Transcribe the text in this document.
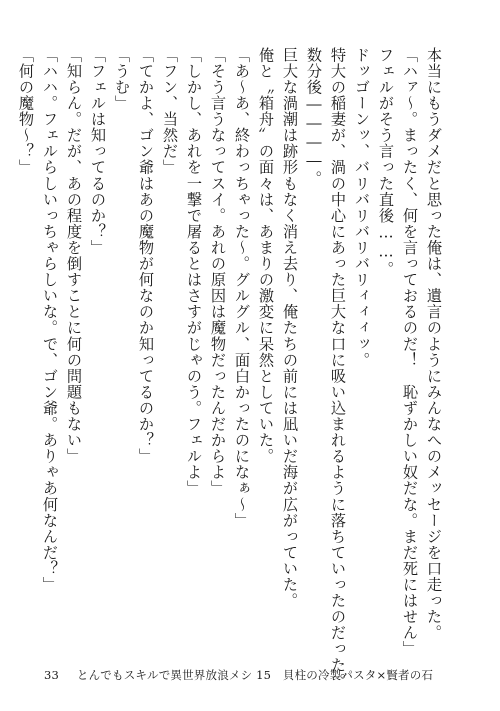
本当にもうダメだと思った俺は、遺言のようにみんなへのメッセージを口走った。
「ハァ～。まったく、何を言っておるのだ！　恥ずかしい奴だな。まだ死にはせん」
フェルがそう言った直後……。
ドッゴーンッ、バリバリバリバリィィィッ。
特大の稲妻が、渦の中心にあった巨大な口に吸い込まれるように落ちていったのだった。
数分後――――。
巨大な渦潮は跡形もなく消え去り、俺たちの前には凪いだ海が広がっていた。
俺と〝箱舟〟の面々は、あまりの激変に呆然としていた。
「あ～あ、終わっちゃった～。グルグル、面白かったのになぁ～」
「そう言うなってスイ。あれの原因は魔物だったんだからよ」
「しかし、あれを一撃で屠るとはさすがじゃのう。フェルよ」
「フン、当然だ」
「てかよ、ゴン爺はあの魔物が何なのか知ってるのか？」
「うむ」
「フェルは知ってるのか？」
「知らん。だが、あの程度を倒すことに何の問題もない」
「ハハ。フェルらしいっちゃらしいな。で、ゴン爺。ありゃあ何なんだ？」
「何の魔物～？」
33 とんでもスキルで異世界放浪メシ 15　貝柱の冷製パスタ×賢者の石
